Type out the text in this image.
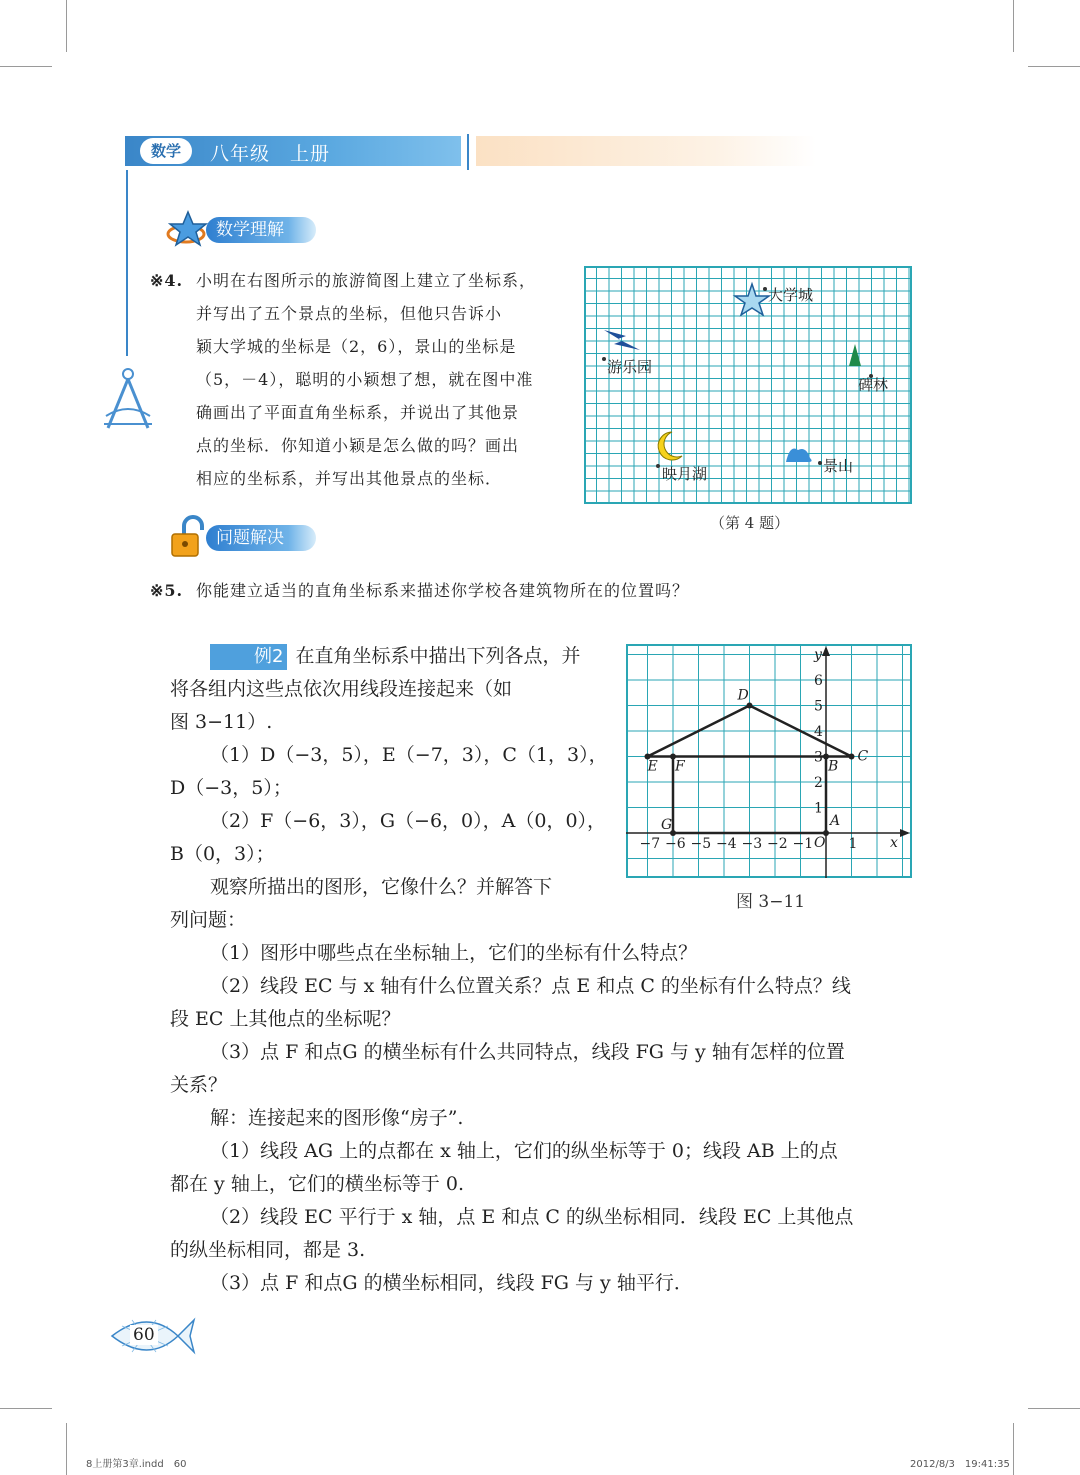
数学	八年级　上册
数学理解
※4. 小明在右图所示的旅游简图上建立了坐标系，
并写出了五个景点的坐标，但他只告诉小
颖大学城的坐标是（2，6），景山的坐标是
（5，－4），聪明的小颖想了想，就在图中准
确画出了平面直角坐标系，并说出了其他景
点的坐标．你知道小颖是怎么做的吗？画出
相应的坐标系，并写出其他景点的坐标．
大学城
游乐园
碑林
映月湖	景山
（第 4 题）
问题解决
※5. 你能建立适当的直角坐标系来描述你学校各建筑物所在的位置吗？

例2 在直角坐标系中描出下列各点，并

将各组内这些点依次用线段连接起来（如

图 3−11）.

（1）D（−3，5），E（−7，3），C（1，3），

D（−3，5）；

（2）F（−6，3），G（−6，0），A（0，0），

B（0，3）；

观察所描出的图形，它像什么？并解答下

列问题：

（1）图形中哪些点在坐标轴上，它们的坐标有什么特点？

（2）线段 EC 与 x 轴有什么位置关系？点 E 和点 C 的坐标有什么特点？线

段 EC 上其他点的坐标呢？

（3）点 F 和点G 的横坐标有什么共同特点，线段 FG 与 y 轴有怎样的位置

关系？

解：连接起来的图形像“房子”.

（1）线段 AG 上的点都在 x 轴上，它们的纵坐标等于 0；线段 AB 上的点

都在 y 轴上，它们的横坐标等于 0.

（2）线段 EC 平行于 x 轴，点 E 和点 C 的纵坐标相同．线段 EC 上其他点

的纵坐标相同，都是 3.

（3）点 F 和点G 的横坐标相同，线段 FG 与 y 轴平行．

x
y
O
−7 −6 −5 −4 −3 −2 −1	1
1
2
3
4
5
6
D
E
C
F
G	A
B
图 3−11
60
8上册第3章.indd　60	2012/8/3　19:41:35
